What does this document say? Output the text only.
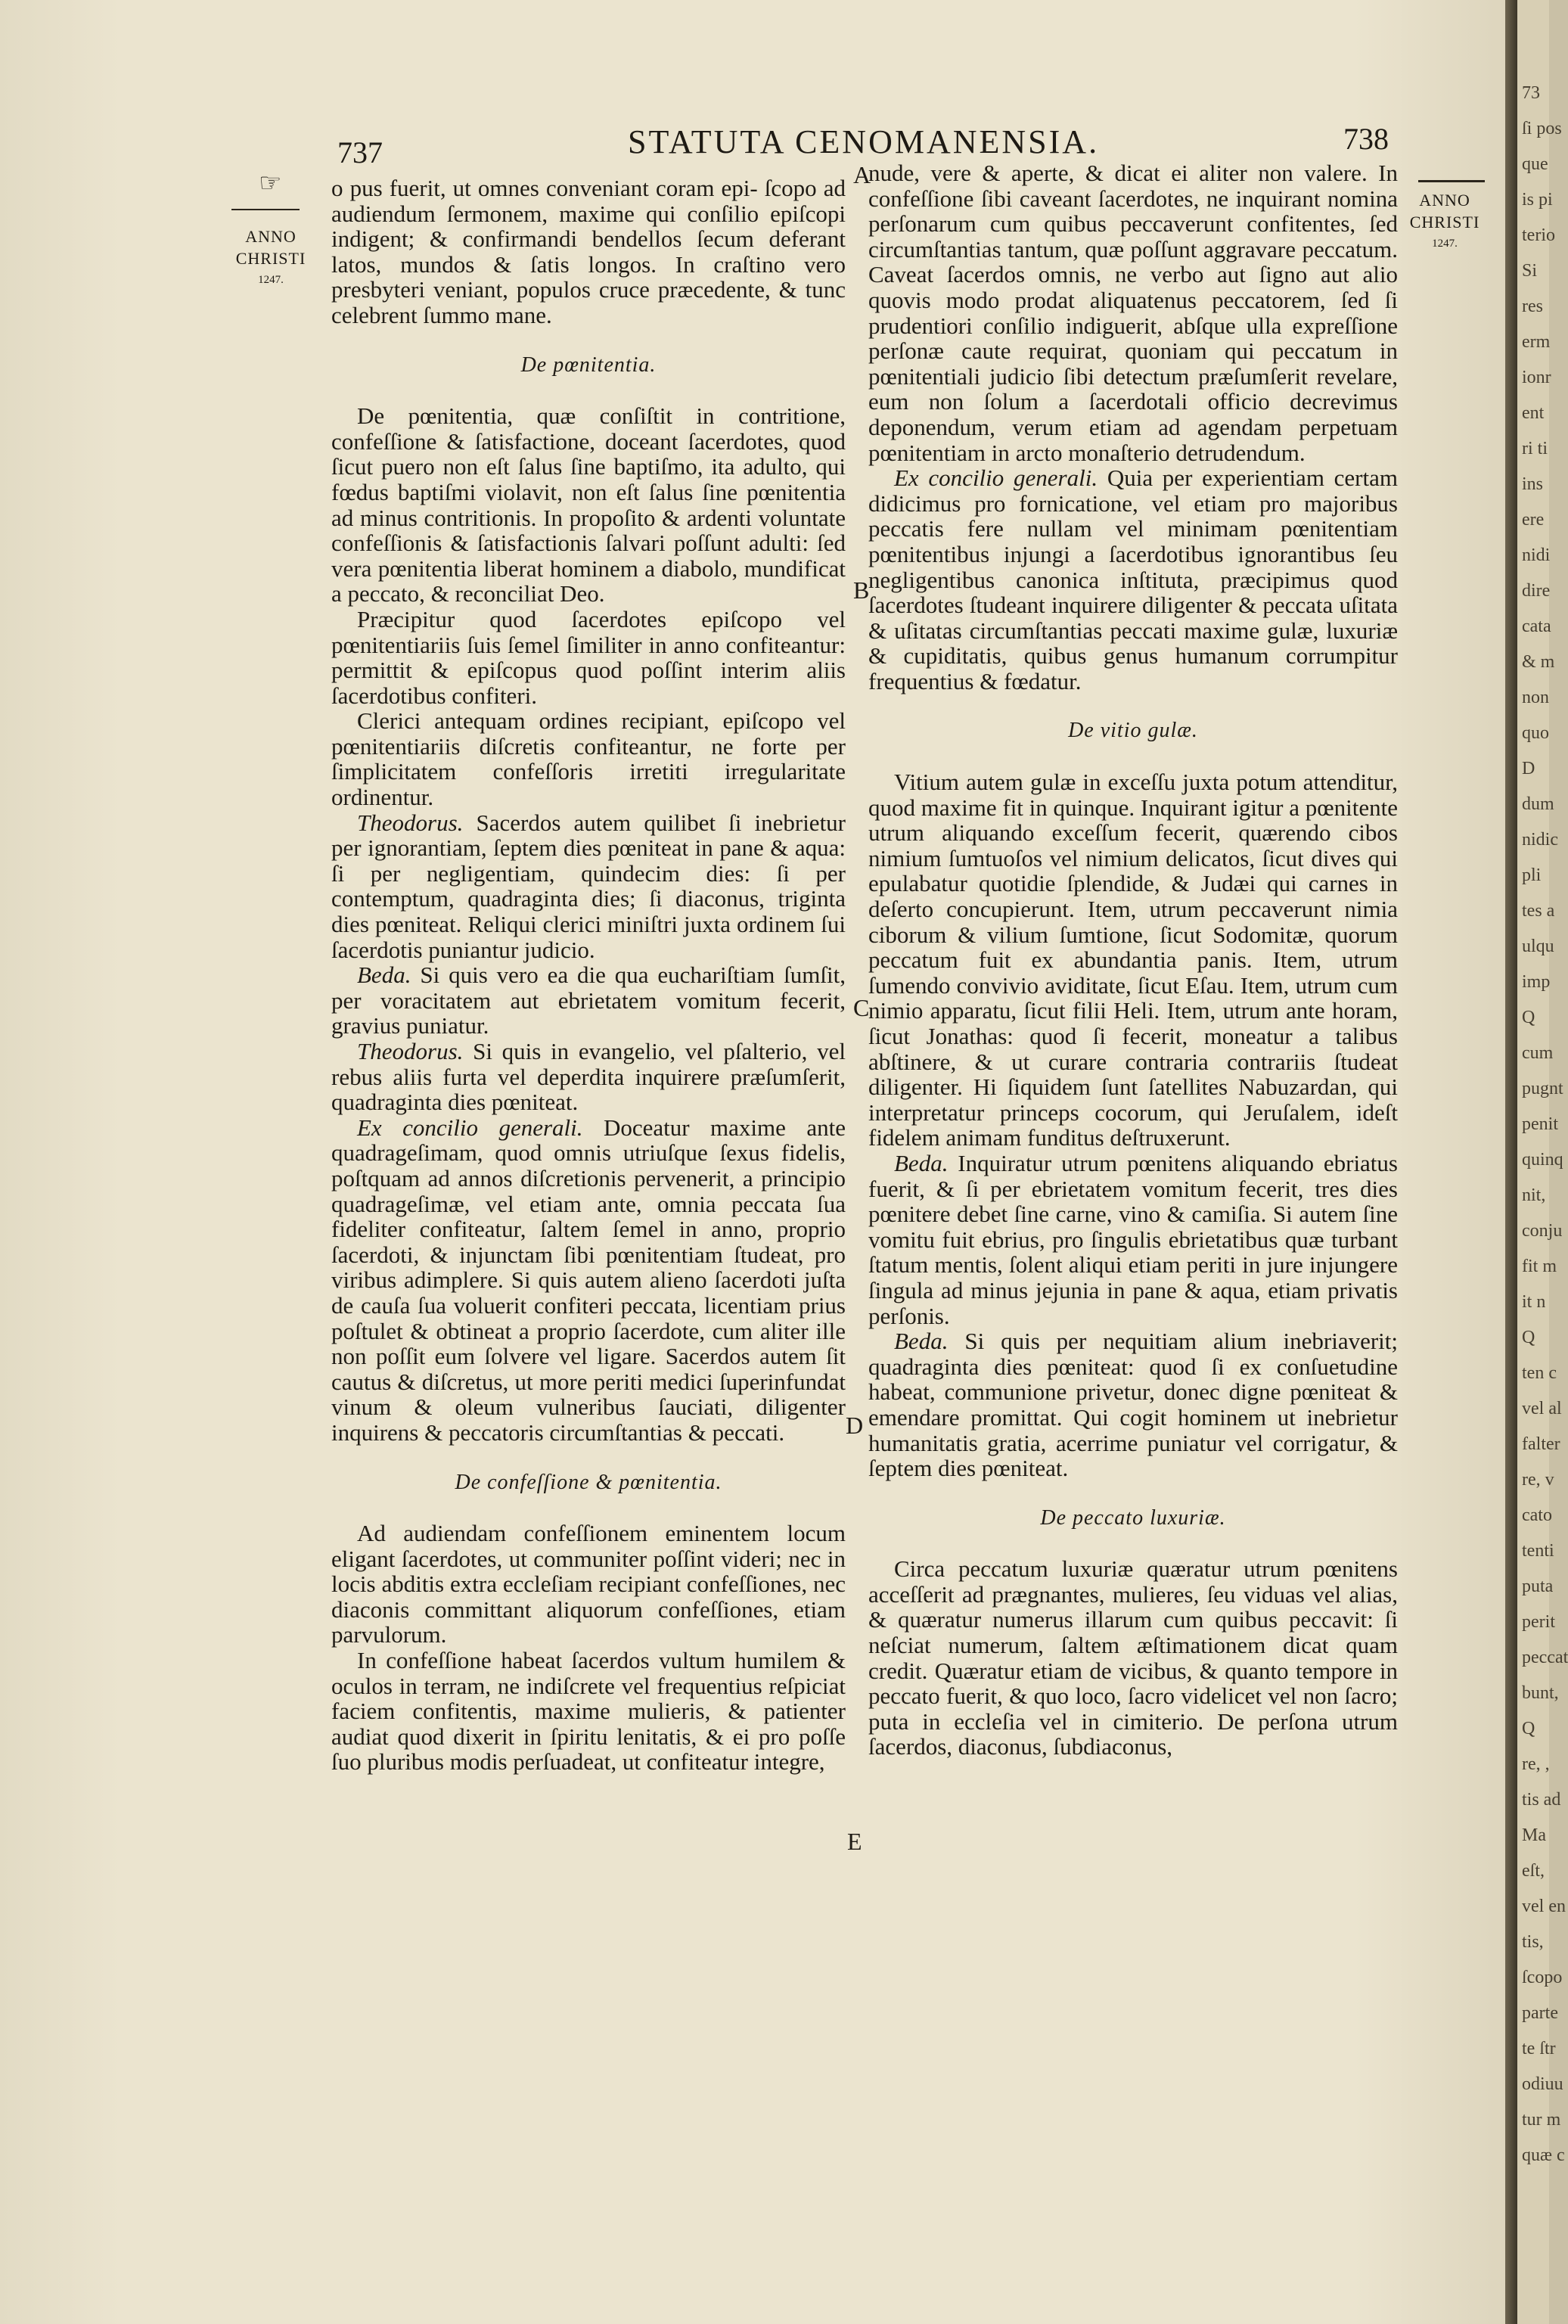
737	STATUTA CENOMANENSIA.	738
☞
ANNO
CHRISTI
1247.
ANNO
CHRISTI
1247.
A
B
C
D
E

o pus fuerit, ut omnes conveniant coram epi- ſcopo ad audiendum ſermonem, maxime qui conſilio epiſcopi indigent; & confirmandi bendellos ſecum deferant latos, mundos & ſatis longos. In craſtino vero presbyteri veniant, populos cruce præcedente, & tunc celebrent ſummo mane.

De pœnitentia.

De pœnitentia, quæ conſiſtit in contritione, confeſſione & ſatisfactione, doceant ſacerdotes, quod ſicut puero non eſt ſalus ſine baptiſmo, ita adulto, qui fœdus baptiſmi violavit, non eſt ſalus ſine pœnitentia ad minus contritionis. In propoſito & ardenti voluntate confeſſionis & ſatisfactionis ſalvari poſſunt adulti: ſed vera pœnitentia liberat hominem a diabolo, mundificat a peccato, & reconciliat Deo.

Præcipitur quod ſacerdotes epiſcopo vel pœnitentiariis ſuis ſemel ſimiliter in anno confiteantur: permittit & epiſcopus quod poſſint interim aliis ſacerdotibus confiteri.

Clerici antequam ordines recipiant, epiſcopo vel pœnitentiariis diſcretis confiteantur, ne forte per ſimplicitatem confeſſoris irretiti irregularitate ordinentur.

Theodorus. Sacerdos autem quilibet ſi inebrietur per ignorantiam, ſeptem dies pœniteat in pane & aqua: ſi per negligentiam, quindecim dies: ſi per contemptum, quadraginta dies; ſi diaconus, triginta dies pœniteat. Reliqui clerici miniſtri juxta ordinem ſui ſacerdotis puniantur judicio.

Beda. Si quis vero ea die qua euchariſtiam ſumſit, per voracitatem aut ebrietatem vomitum fecerit, gravius puniatur.

Theodorus. Si quis in evangelio, vel pſalterio, vel rebus aliis furta vel deperdita inquirere præſumſerit, quadraginta dies pœniteat.

Ex concilio generali. Doceatur maxime ante quadrageſimam, quod omnis utriuſque ſexus fidelis, poſtquam ad annos diſcretionis pervenerit, a principio quadrageſimæ, vel etiam ante, omnia peccata ſua fideliter confiteatur, ſaltem ſemel in anno, proprio ſacerdoti, & injunctam ſibi pœnitentiam ſtudeat, pro viribus adimplere. Si quis autem alieno ſacerdoti juſta de cauſa ſua voluerit confiteri peccata, licentiam prius poſtulet & obtineat a proprio ſacerdote, cum aliter ille non poſſit eum ſolvere vel ligare. Sacerdos autem ſit cautus & diſcretus, ut more periti medici ſuperinfundat vinum & oleum vulneribus ſauciati, diligenter inquirens & peccatoris circumſtantias & peccati.

De confeſſione & pœnitentia.

Ad audiendam confeſſionem eminentem locum eligant ſacerdotes, ut communiter poſſint videri; nec in locis abditis extra eccleſiam recipiant confeſſiones, nec diaconis committant aliquorum confeſſiones, etiam parvulorum.

In confeſſione habeat ſacerdos vultum humilem & oculos in terram, ne indiſcrete vel frequentius reſpiciat faciem confitentis, maxime mulieris, & patienter audiat quod dixerit in ſpiritu lenitatis, & ei pro poſſe ſuo pluribus modis perſuadeat, ut confiteatur integre,

nude, vere & aperte, & dicat ei aliter non valere. In confeſſione ſibi caveant ſacerdotes, ne inquirant nomina perſonarum cum quibus peccaverunt confitentes, ſed circumſtantias tantum, quæ poſſunt aggravare peccatum. Caveat ſacerdos omnis, ne verbo aut ſigno aut alio quovis modo prodat aliquatenus peccatorem, ſed ſi prudentiori conſilio indiguerit, abſque ulla expreſſione perſonæ caute requirat, quoniam qui peccatum in pœnitentiali judicio ſibi detectum præſumſerit revelare, eum non ſolum a ſacerdotali officio decrevimus deponendum, verum etiam ad agendam perpetuam pœnitentiam in arcto monaſterio detrudendum.

Ex concilio generali. Quia per experientiam certam didicimus pro fornicatione, vel etiam pro majoribus peccatis fere nullam vel minimam pœnitentiam pœnitentibus injungi a ſacerdotibus ignorantibus ſeu negligentibus canonica inſtituta, præcipimus quod ſacerdotes ſtudeant inquirere diligenter & peccata uſitata & uſitatas circumſtantias peccati maxime gulæ, luxuriæ & cupiditatis, quibus genus humanum corrumpitur frequentius & fœdatur.

De vitio gulæ.

Vitium autem gulæ in exceſſu juxta potum attenditur, quod maxime fit in quinque. Inquirant igitur a pœnitente utrum aliquando exceſſum fecerit, quærendo cibos nimium ſumtuoſos vel nimium delicatos, ſicut dives qui epulabatur quotidie ſplendide, & Judæi qui carnes in deſerto concupierunt. Item, utrum peccaverunt nimia ciborum & vilium ſumtione, ſicut Sodomitæ, quorum peccatum fuit ex abundantia panis. Item, utrum ſumendo convivio aviditate, ſicut Eſau. Item, utrum cum nimio apparatu, ſicut filii Heli. Item, utrum ante horam, ſicut Jonathas: quod ſi fecerit, moneatur a talibus abſtinere, & ut curare contraria contrariis ſtudeat diligenter. Hi ſiquidem ſunt ſatellites Nabuzardan, qui interpretatur princeps cocorum, qui Jeruſalem, ideſt fidelem animam funditus deſtruxerunt.

Beda. Inquiratur utrum pœnitens aliquando ebriatus fuerit, & ſi per ebrietatem vomitum fecerit, tres dies pœnitere debet ſine carne, vino & camiſia. Si autem ſine vomitu fuit ebrius, pro ſingulis ebrietatibus quæ turbant ſtatum mentis, ſolent aliqui etiam periti in jure injungere ſingula ad minus jejunia in pane & aqua, etiam privatis perſonis.

Beda. Si quis per nequitiam alium inebriaverit; quadraginta dies pœniteat: quod ſi ex conſuetudine habeat, communione privetur, donec digne pœniteat & emendare promittat. Qui cogit hominem ut inebrietur humanitatis gratia, acerrime puniatur vel corrigatur, & ſeptem dies pœniteat.

De peccato luxuriæ.

Circa peccatum luxuriæ quæratur utrum pœnitens acceſſerit ad prægnantes, mulieres, ſeu viduas vel alias, & quæratur numerus illarum cum quibus peccavit: ſi neſciat numerum, ſaltem æſtimationem dicat quam credit. Quæratur etiam de vicibus, & quanto tempore in peccato fuerit, & quo loco, ſacro videlicet vel non ſacro; puta in eccleſia vel in cimiterio. De perſona utrum ſacerdos, diaconus, ſubdiaconus,

73
ſi pos
que
is pi
terio
Si
res
erm
ionr
ent
ri ti
ins
ere
nidi
dire
cata
& m
non
quo
D
dum
nidic
pli
tes a
ulqu
imp
Q
cum
pugnt
penit
quinq
nit,
conju
fit m
it n
Q
ten c
vel al
falter
re, v
cato
tenti
puta
perit
peccat
bunt,
Q
re, ,
tis ad
Ma
eſt,
vel en
tis,
ſcopo
parte
te ſtr
odiuu
tur m
quæ c
